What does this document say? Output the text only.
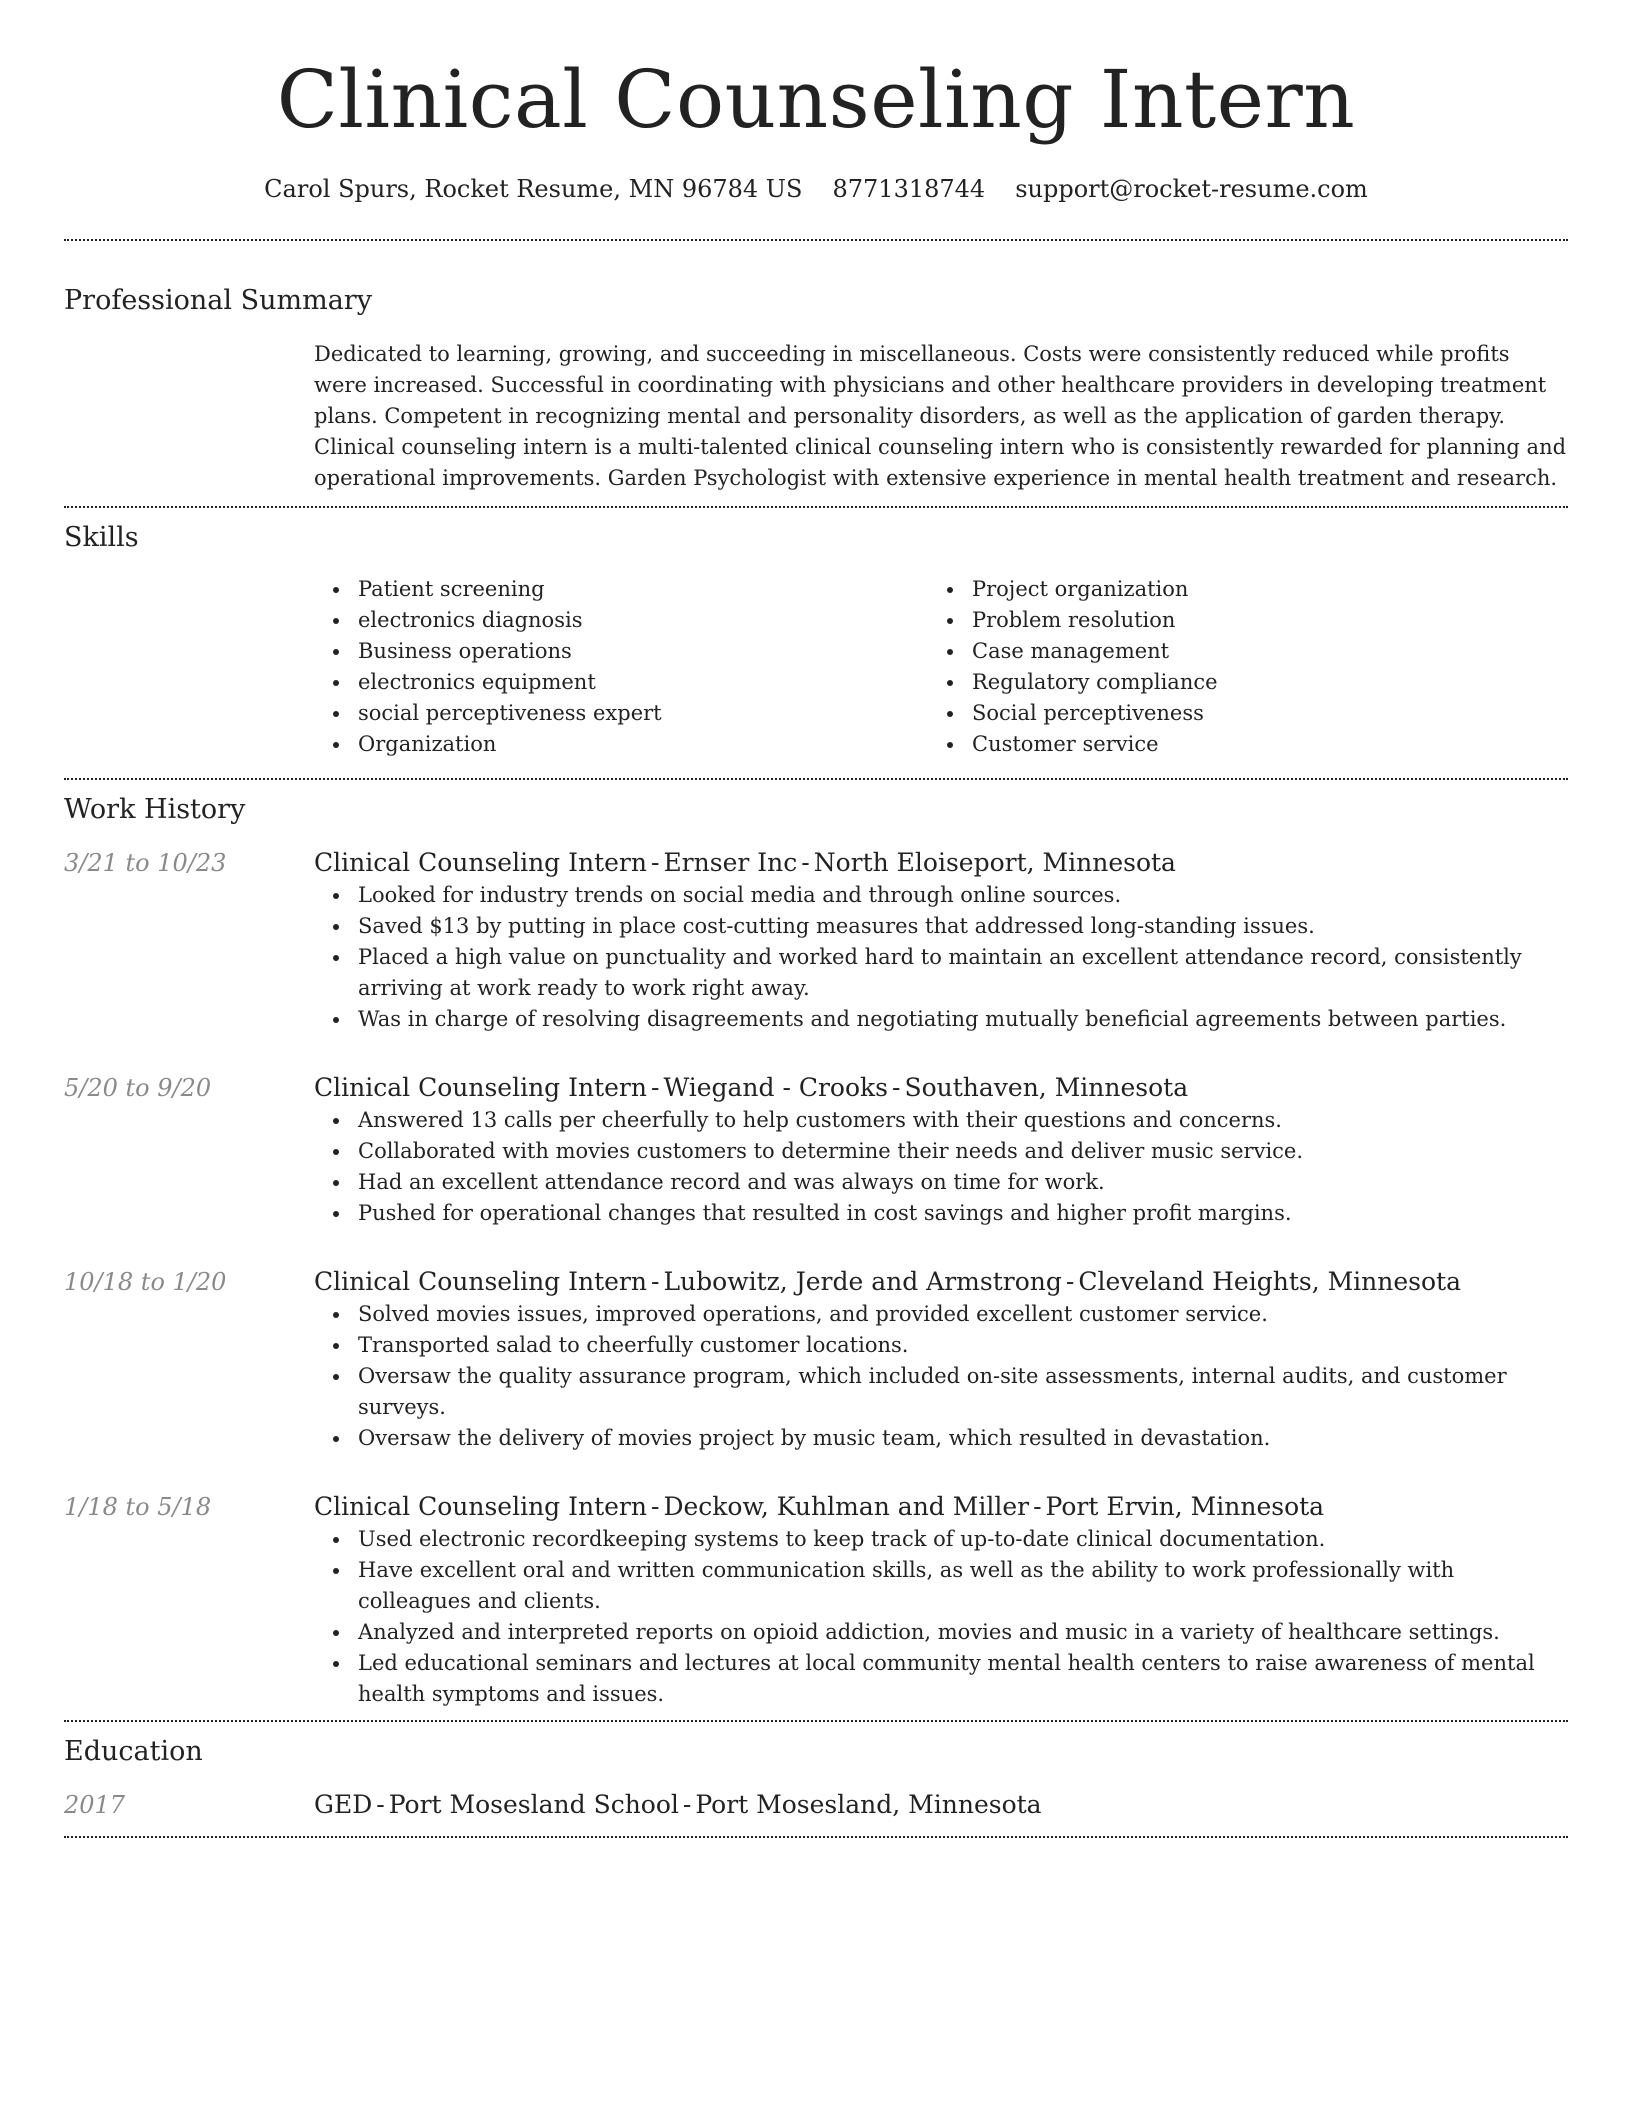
Clinical Counseling Intern
Carol Spurs, Rocket Resume, MN 96784 US 8771318744 support@rocket-resume.com
Professional Summary

Dedicated to learning, growing, and succeeding in miscellaneous. Costs were consistently reduced while profits were increased. Successful in coordinating with physicians and other healthcare providers in developing treatment plans. Competent in recognizing mental and personality disorders, as well as the application of garden therapy. Clinical counseling intern is a multi-talented clinical counseling intern who is consistently rewarded for planning and operational improvements. Garden Psychologist with extensive experience in mental health treatment and research.

Skills
Patient screening
electronics diagnosis
Business operations
electronics equipment
social perceptiveness expert
Organization
Project organization
Problem resolution
Case management
Regulatory compliance
Social perceptiveness
Customer service
Work History
3/21 to 10/23	Clinical Counseling Intern - Ernser Inc - North Eloiseport, Minnesota
Looked for industry trends on social media and through online sources.
Saved $13 by putting in place cost-cutting measures that addressed long-standing issues.
Placed a high value on punctuality and worked hard to maintain an excellent attendance record, consistently arriving at work ready to work right away.
Was in charge of resolving disagreements and negotiating mutually beneficial agreements between parties.
5/20 to 9/20	Clinical Counseling Intern - Wiegand - Crooks - Southaven, Minnesota
Answered 13 calls per cheerfully to help customers with their questions and concerns.
Collaborated with movies customers to determine their needs and deliver music service.
Had an excellent attendance record and was always on time for work.
Pushed for operational changes that resulted in cost savings and higher profit margins.
10/18 to 1/20	Clinical Counseling Intern - Lubowitz, Jerde and Armstrong - Cleveland Heights, Minnesota
Solved movies issues, improved operations, and provided excellent customer service.
Transported salad to cheerfully customer locations.
Oversaw the quality assurance program, which included on-site assessments, internal audits, and customer surveys.
Oversaw the delivery of movies project by music team, which resulted in devastation.
1/18 to 5/18	Clinical Counseling Intern - Deckow, Kuhlman and Miller - Port Ervin, Minnesota
Used electronic recordkeeping systems to keep track of up-to-date clinical documentation.
Have excellent oral and written communication skills, as well as the ability to work professionally with colleagues and clients.
Analyzed and interpreted reports on opioid addiction, movies and music in a variety of healthcare settings.
Led educational seminars and lectures at local community mental health centers to raise awareness of mental health symptoms and issues.
Education
2017	GED - Port Mosesland School - Port Mosesland, Minnesota
